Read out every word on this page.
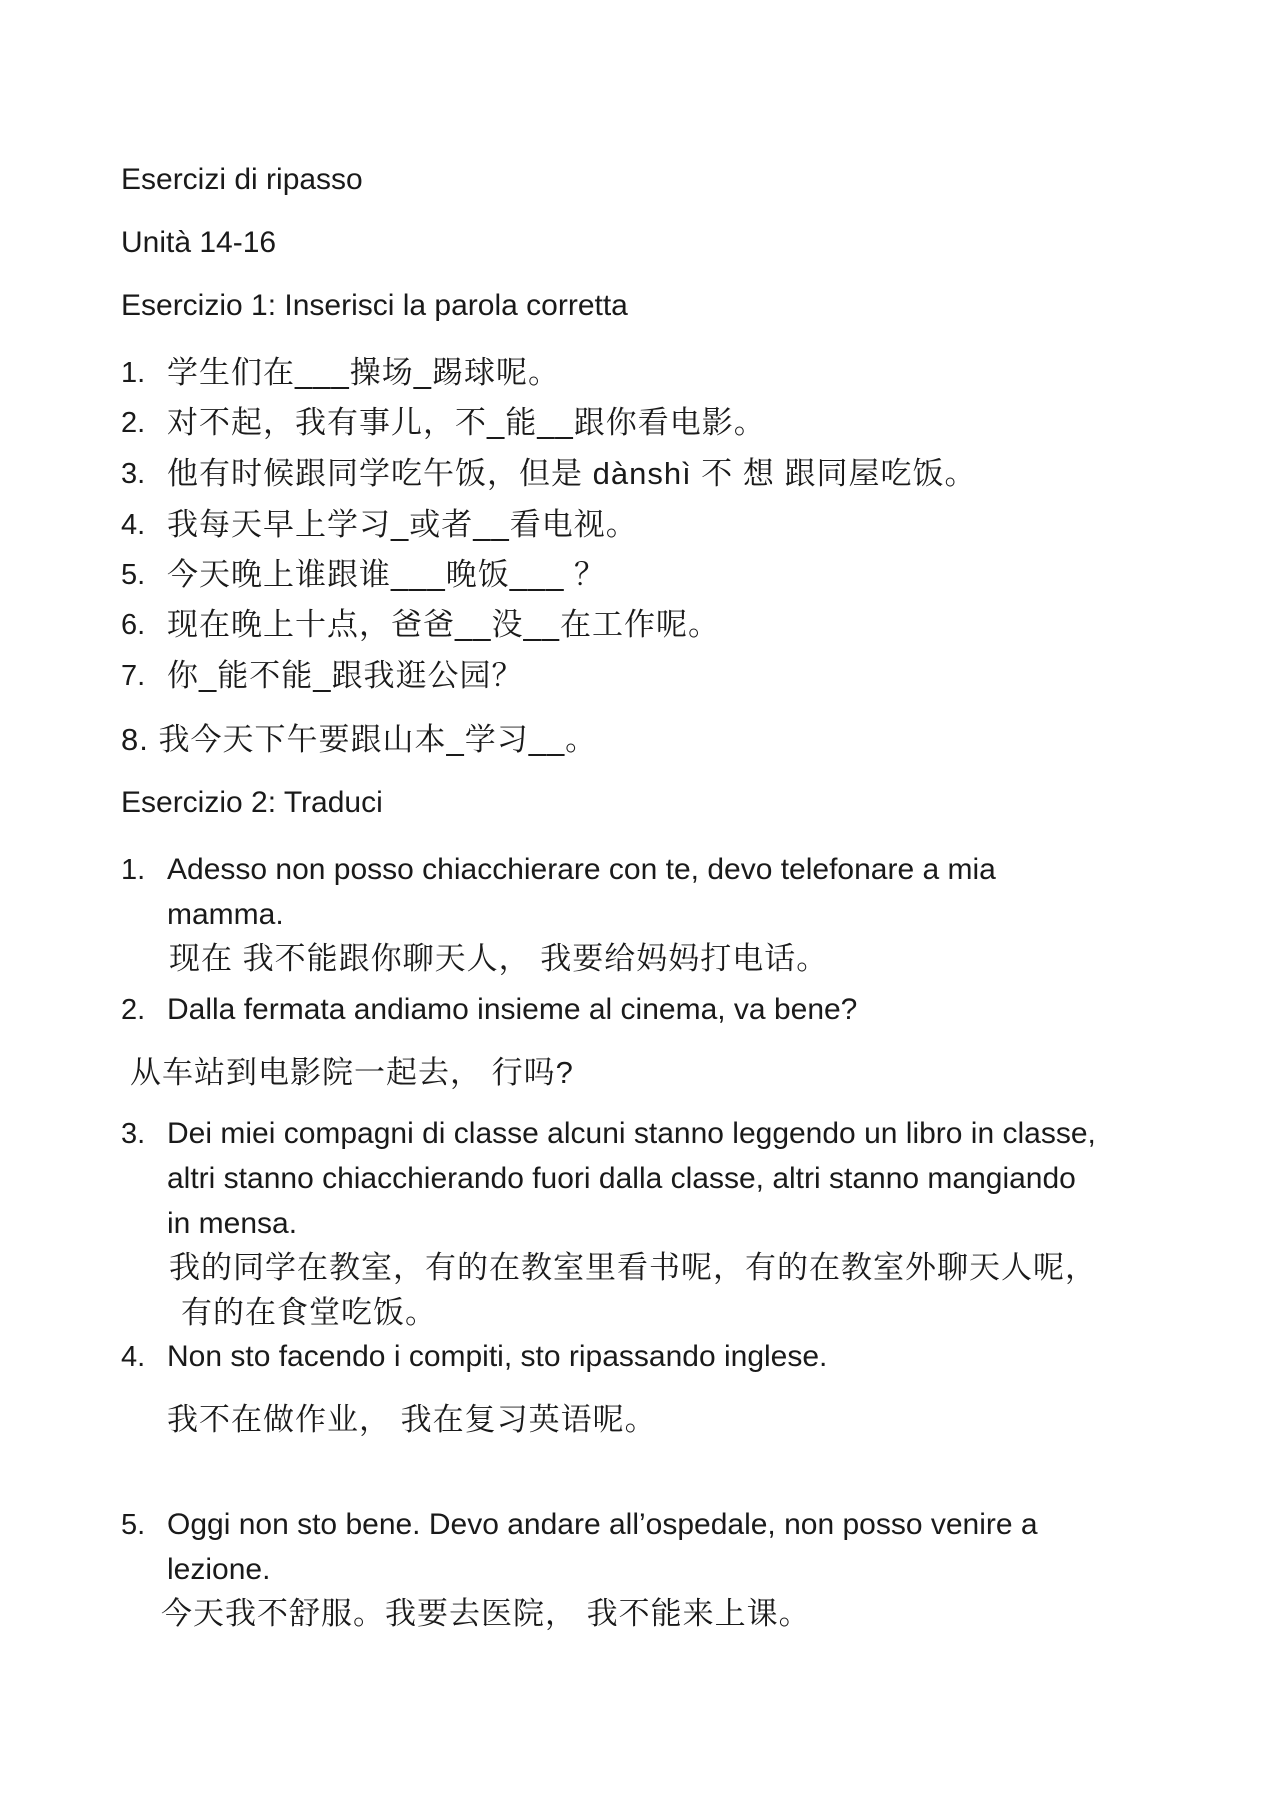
Esercizi di ripasso
Unità 14-16
Esercizio 1: Inserisci la parola corretta
1. 学生们在___操场_踢球呢。
2. 对不起，我有事儿，不_能__跟你看电影。
3. 他有时候跟同学吃午饭，但是 dànshì 不 想 跟同屋吃饭。
4. 我每天早上学习_或者__看电视。
5. 今天晚上谁跟谁___晚饭___ ？
6. 现在晚上十点，爸爸__没__在工作呢。
7. 你_能不能_跟我逛公园？
8. 我今天下午要跟山本_学习__。
Esercizio 2: Traduci
1. Adesso non posso chiacchierare con te, devo telefonare a mia
mamma.
现在 我不能跟你聊天人， 我要给妈妈打电话。
2. Dalla fermata andiamo insieme al cinema, va bene?
从车站到电影院一起去， 行吗?
3. Dei miei compagni di classe alcuni stanno leggendo un libro in classe,
altri stanno chiacchierando fuori dalla classe, altri stanno mangiando
in mensa.
我的同学在教室，有的在教室里看书呢，有的在教室外聊天人呢，
有的在食堂吃饭。
4. Non sto facendo i compiti, sto ripassando inglese.
我不在做作业， 我在复习英语呢。
5. Oggi non sto bene. Devo andare all’ospedale, non posso venire a
lezione.
今天我不舒服。我要去医院， 我不能来上课。
